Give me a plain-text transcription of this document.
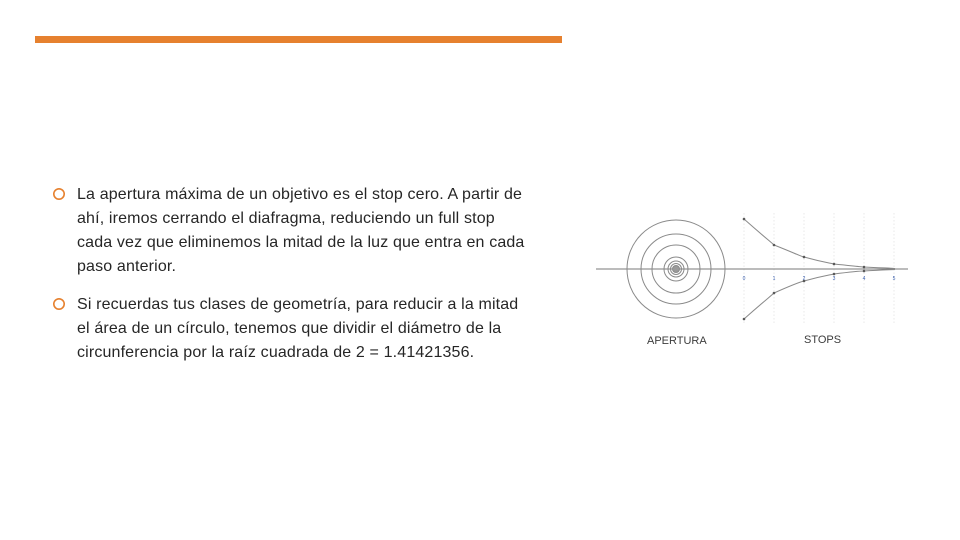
La apertura máxima de un objetivo es el stop cero. A partir de ahí, iremos cerrando el diafragma, reduciendo un full stop cada vez que eliminemos la mitad de la luz que entra en cada paso anterior.
Si recuerdas tus clases de geometría, para reducir a la mitad el área de un círculo, tenemos que dividir el diámetro de la circunferencia por la raíz cuadrada de 2 = 1.41421356.
0	1	2	3	4	5
APERTURA	STOPS
